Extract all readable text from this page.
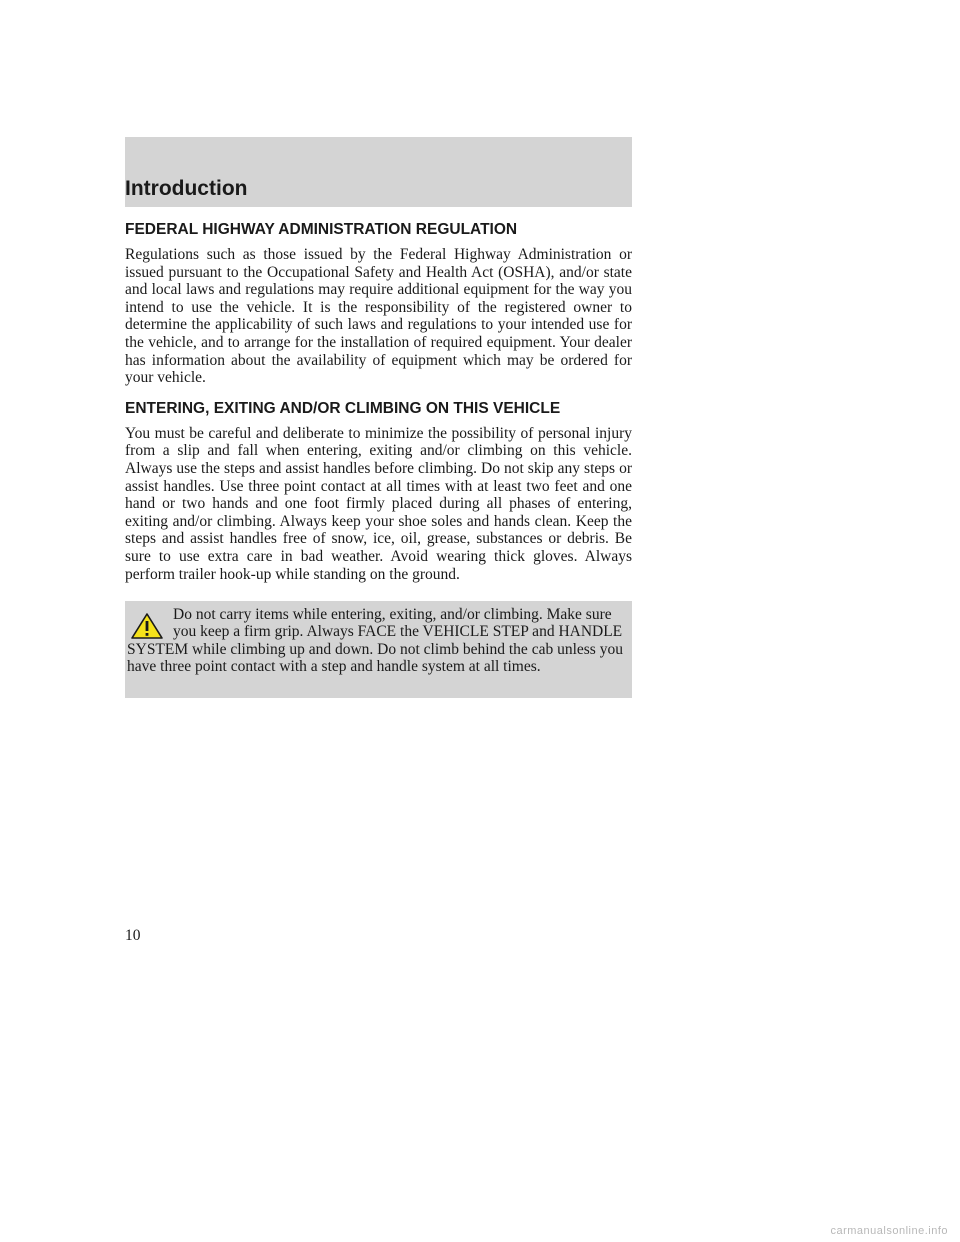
Introduction
FEDERAL HIGHWAY ADMINISTRATION REGULATION

Regulations such as those issued by the Federal Highway Administration or issued pursuant to the Occupational Safety and Health Act (OSHA), and/or state and local laws and regulations may require additional equipment for the way you intend to use the vehicle. It is the responsibility of the registered owner to determine the applicability of such laws and regulations to your intended use for the vehicle, and to arrange for the installation of required equipment. Your dealer has information about the availability of equipment which may be ordered for your vehicle.

ENTERING, EXITING AND/OR CLIMBING ON THIS VEHICLE

You must be careful and deliberate to minimize the possibility of personal injury from a slip and fall when entering, exiting and/or climbing on this vehicle. Always use the steps and assist handles before climbing. Do not skip any steps or assist handles. Use three point contact at all times with at least two feet and one hand or two hands and one foot firmly placed during all phases of entering, exiting and/or climbing. Always keep your shoe soles and hands clean. Keep the steps and assist handles free of snow, ice, oil, grease, substances or debris. Be sure to use extra care in bad weather. Avoid wearing thick gloves. Always perform trailer hook-up while standing on the ground.

Do not carry items while entering, exiting, and/or climbing. Make sure you keep a firm grip. Always FACE the VEHICLE STEP and HANDLE SYSTEM while climbing up and down. Do not climb behind the cab unless you have three point contact with a step and handle system at all times.

10
carmanualsonline.info
